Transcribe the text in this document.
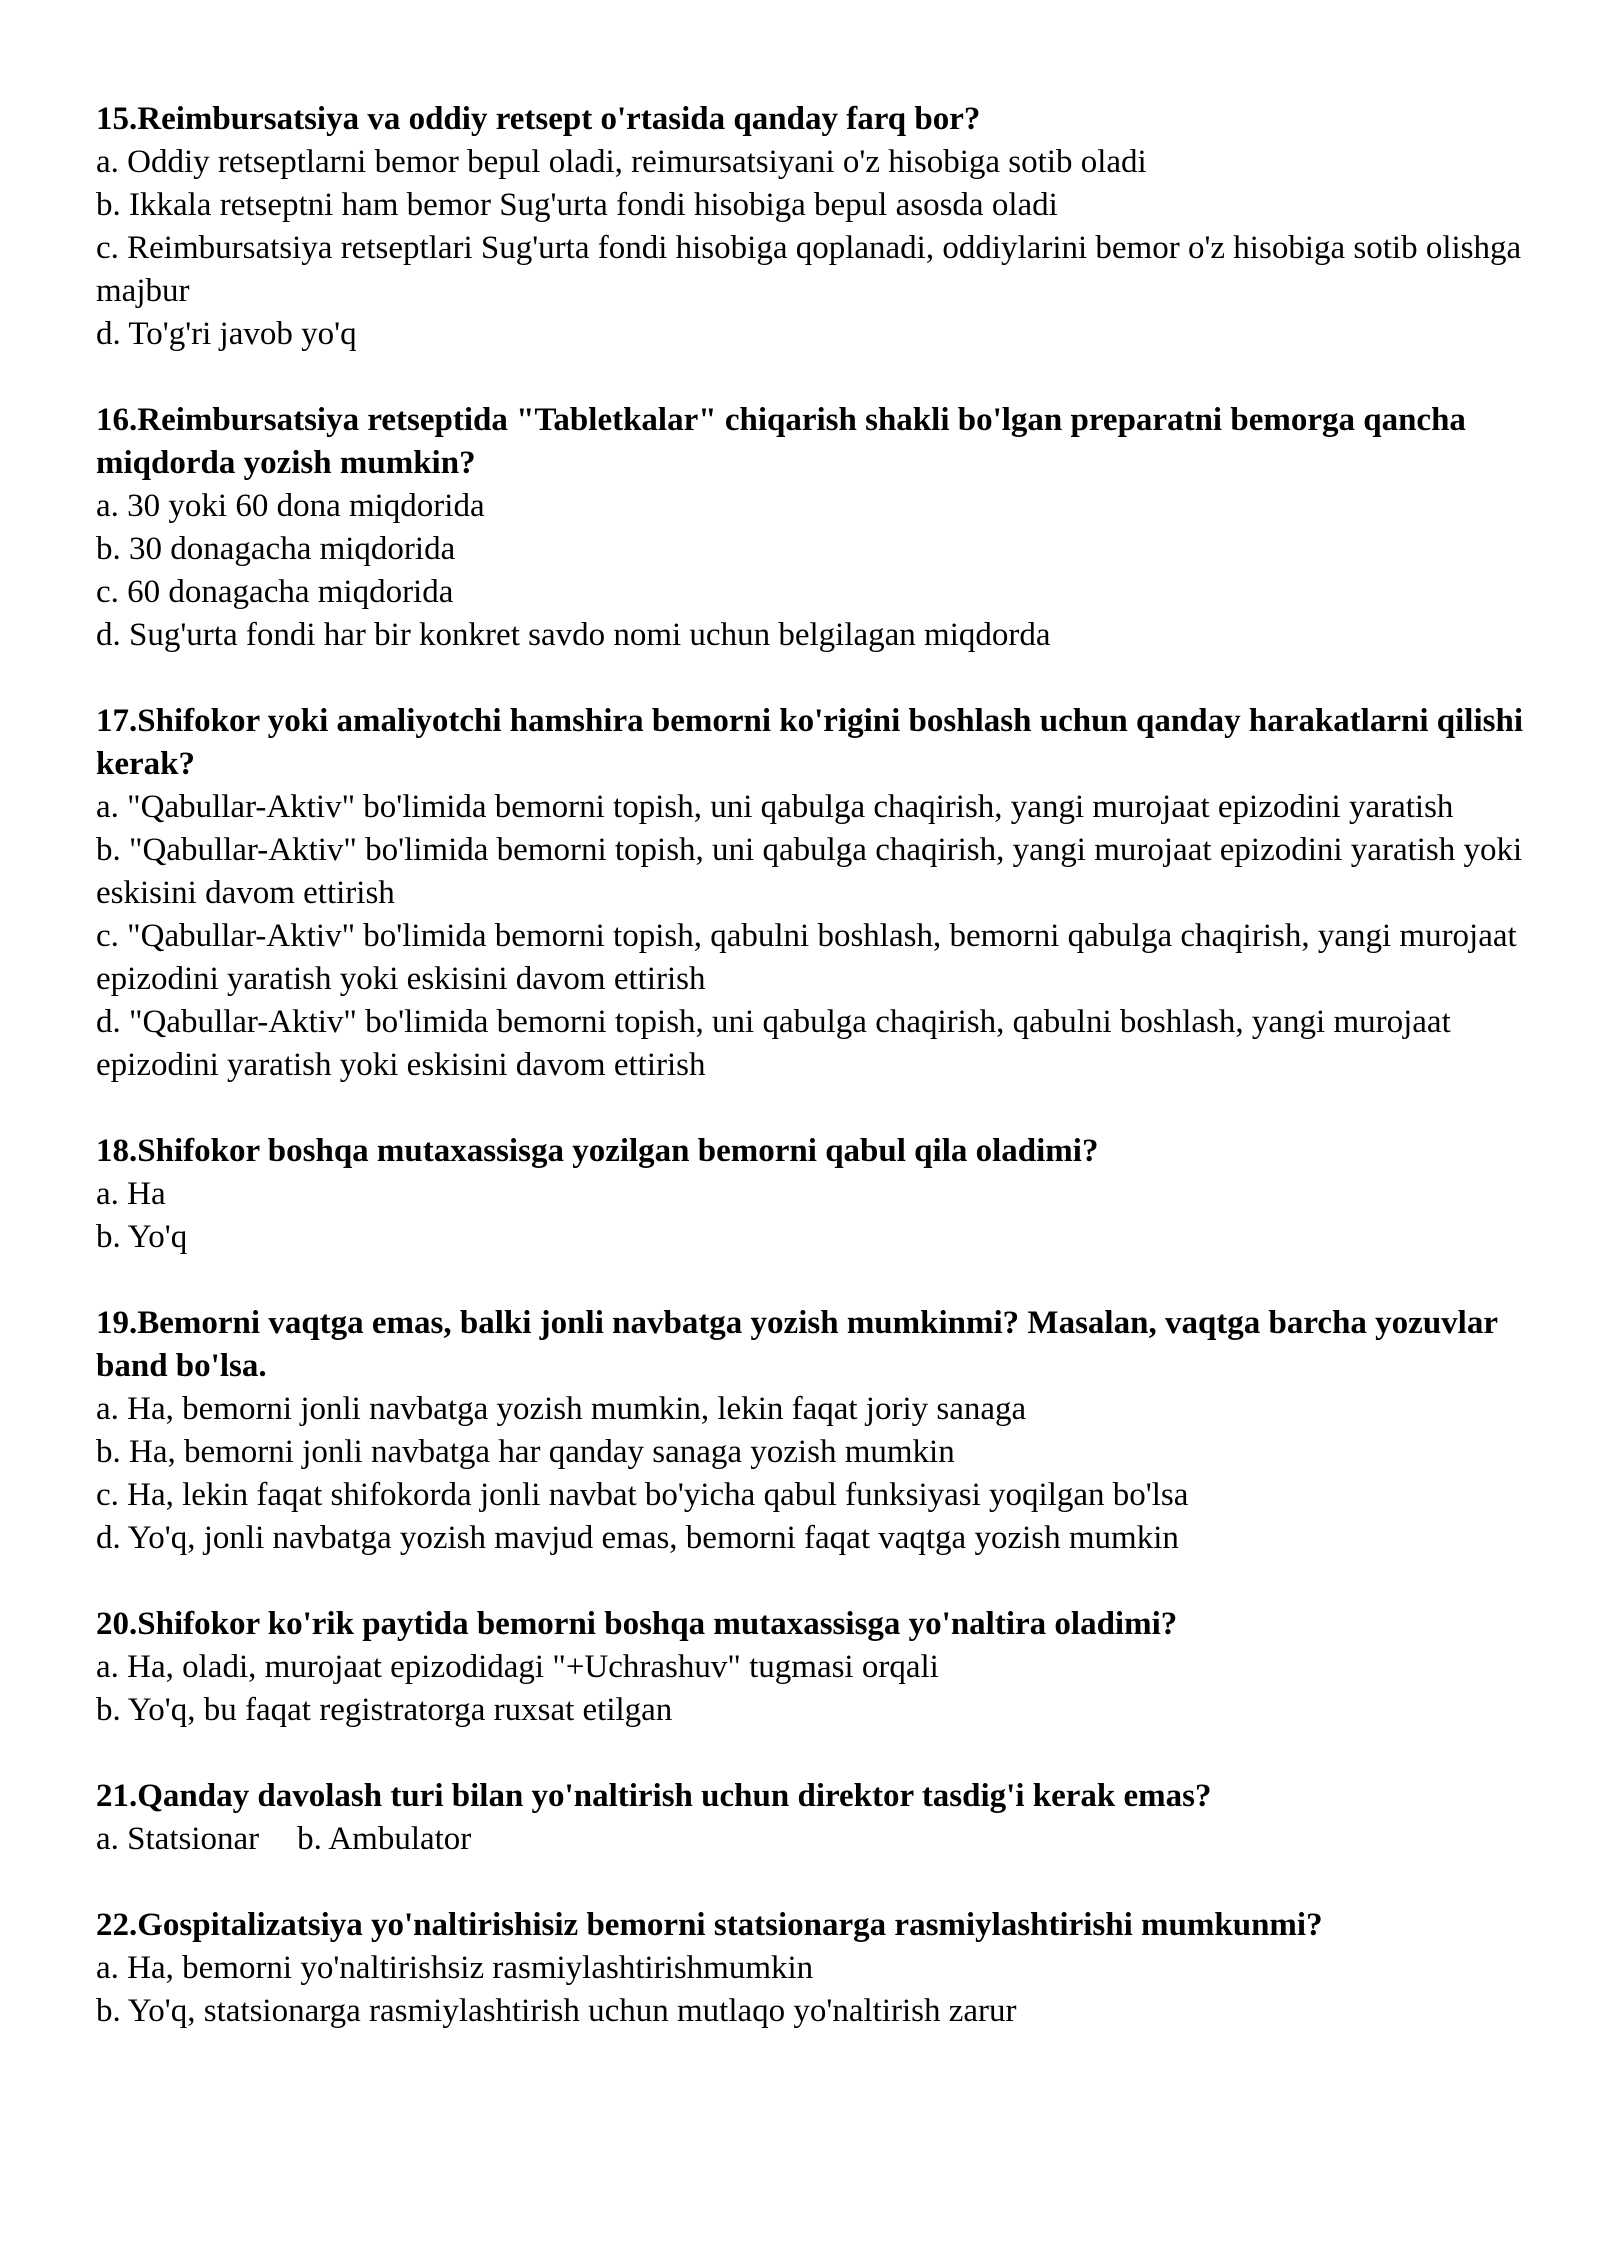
15.Reimbursatsiya va oddiy retsept o'rtasida qanday farq bor?

a. Oddiy retseptlarni bemor bepul oladi, reimursatsiyani o'z hisobiga sotib oladi

b. Ikkala retseptni ham bemor Sug'urta fondi hisobiga bepul asosda oladi

c. Reimbursatsiya retseptlari Sug'urta fondi hisobiga qoplanadi, oddiylarini bemor o'z hisobiga sotib olishga majbur

d. To'g'ri javob yo'q

16.Reimbursatsiya retseptida "Tabletkalar" chiqarish shakli bo'lgan preparatni bemorga qancha miqdorda yozish mumkin?

a. 30 yoki 60 dona miqdorida

b. 30 donagacha miqdorida

c. 60 donagacha miqdorida

d. Sug'urta fondi har bir konkret savdo nomi uchun belgilagan miqdorda

17.Shifokor yoki amaliyotchi hamshira bemorni ko'rigini boshlash uchun qanday harakatlarni qilishi kerak?

a. "Qabullar-Aktiv" bo'limida bemorni topish, uni qabulga chaqirish, yangi murojaat epizodini yaratish

b. "Qabullar-Aktiv" bo'limida bemorni topish, uni qabulga chaqirish, yangi murojaat epizodini yaratish yoki eskisini davom ettirish

c. "Qabullar-Aktiv" bo'limida bemorni topish, qabulni boshlash, bemorni qabulga chaqirish, yangi murojaat epizodini yaratish yoki eskisini davom ettirish

d. "Qabullar-Aktiv" bo'limida bemorni topish, uni qabulga chaqirish, qabulni boshlash, yangi murojaat epizodini yaratish yoki eskisini davom ettirish

18.Shifokor boshqa mutaxassisga yozilgan bemorni qabul qila oladimi?

a. Ha

b. Yo'q

19.Bemorni vaqtga emas, balki jonli navbatga yozish mumkinmi? Masalan, vaqtga barcha yozuvlar band bo'lsa.

a. Ha, bemorni jonli navbatga yozish mumkin, lekin faqat joriy sanaga

b. Ha, bemorni jonli navbatga har qanday sanaga yozish mumkin

c. Ha, lekin faqat shifokorda jonli navbat bo'yicha qabul funksiyasi yoqilgan bo'lsa

d. Yo'q, jonli navbatga yozish mavjud emas, bemorni faqat vaqtga yozish mumkin

20.Shifokor ko'rik paytida bemorni boshqa mutaxassisga yo'naltira oladimi?

a. Ha, oladi, murojaat epizodidagi "+Uchrashuv" tugmasi orqali

b. Yo'q, bu faqat registratorga ruxsat etilgan

21.Qanday davolash turi bilan yo'naltirish uchun direktor tasdig'i kerak emas?

a. Statsionar b. Ambulator

22.Gospitalizatsiya yo'naltirishisiz bemorni statsionarga rasmiylashtirishi mumkunmi?

a. Ha, bemorni yo'naltirishsiz rasmiylashtirishmumkin

b. Yo'q, statsionarga rasmiylashtirish uchun mutlaqo yo'naltirish zarur
